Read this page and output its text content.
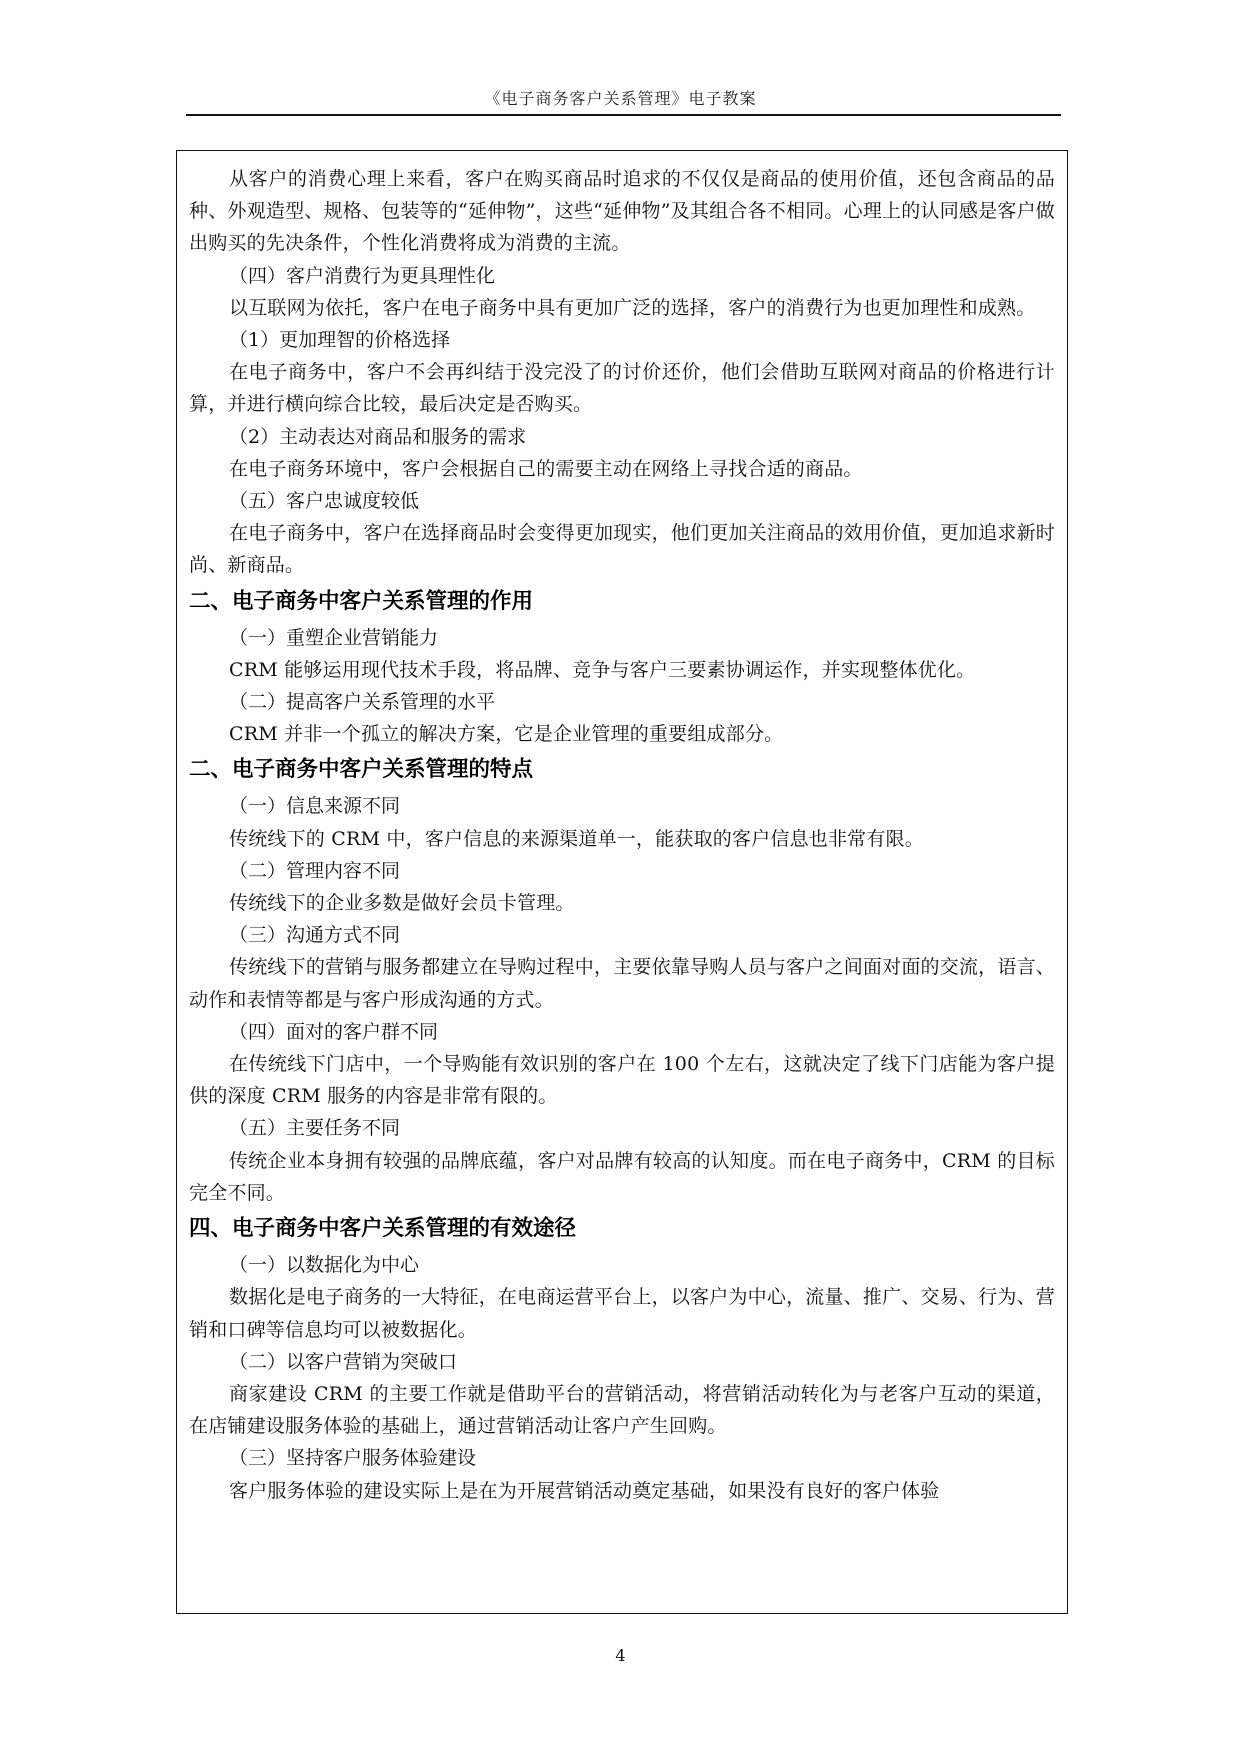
《电子商务客户关系管理》电子教案

从客户的消费心理上来看，客户在购买商品时追求的不仅仅是商品的使用价值，还包含商品的品种、外观造型、规格、包装等的“延伸物”，这些“延伸物”及其组合各不相同。心理上的认同感是客户做出购买的先决条件，个性化消费将成为消费的主流。

（四）客户消费行为更具理性化

以互联网为依托，客户在电子商务中具有更加广泛的选择，客户的消费行为也更加理性和成熟。

（1）更加理智的价格选择

在电子商务中，客户不会再纠结于没完没了的讨价还价，他们会借助互联网对商品的价格进行计算，并进行横向综合比较，最后决定是否购买。

（2）主动表达对商品和服务的需求

在电子商务环境中，客户会根据自己的需要主动在网络上寻找合适的商品。

（五）客户忠诚度较低

在电子商务中，客户在选择商品时会变得更加现实，他们更加关注商品的效用价值，更加追求新时尚、新商品。

二、电子商务中客户关系管理的作用

（一）重塑企业营销能力

CRM 能够运用现代技术手段，将品牌、竞争与客户三要素协调运作，并实现整体优化。

（二）提高客户关系管理的水平

CRM 并非一个孤立的解决方案，它是企业管理的重要组成部分。

二、电子商务中客户关系管理的特点

（一）信息来源不同

传统线下的 CRM 中，客户信息的来源渠道单一，能获取的客户信息也非常有限。

（二）管理内容不同

传统线下的企业多数是做好会员卡管理。

（三）沟通方式不同

传统线下的营销与服务都建立在导购过程中，主要依靠导购人员与客户之间面对面的交流，语言、动作和表情等都是与客户形成沟通的方式。

（四）面对的客户群不同

在传统线下门店中，一个导购能有效识别的客户在 100 个左右，这就决定了线下门店能为客户提供的深度 CRM 服务的内容是非常有限的。

（五）主要任务不同

传统企业本身拥有较强的品牌底蕴，客户对品牌有较高的认知度。而在电子商务中，CRM 的目标完全不同。

四、电子商务中客户关系管理的有效途径

（一）以数据化为中心

数据化是电子商务的一大特征，在电商运营平台上，以客户为中心，流量、推广、交易、行为、营销和口碑等信息均可以被数据化。

（二）以客户营销为突破口

商家建设 CRM 的主要工作就是借助平台的营销活动，将营销活动转化为与老客户互动的渠道，在店铺建设服务体验的基础上，通过营销活动让客户产生回购。

（三）坚持客户服务体验建设

客户服务体验的建设实际上是在为开展营销活动奠定基础，如果没有良好的客户体验

4
